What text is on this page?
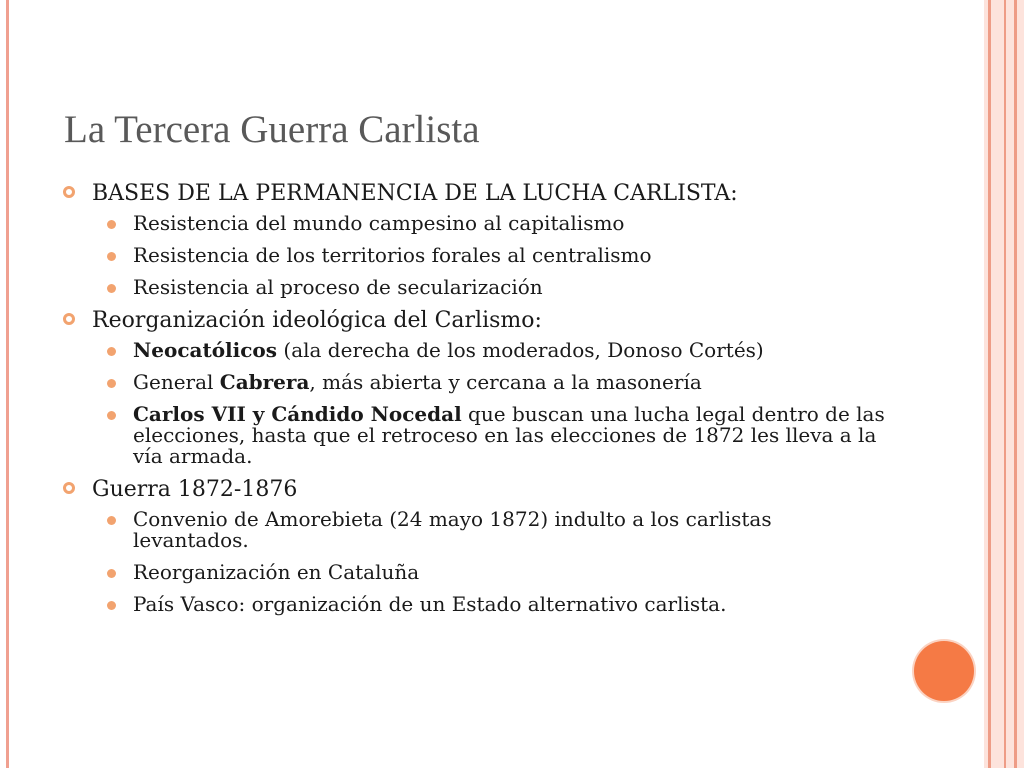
La Tercera Guerra Carlista
BASES DE LA PERMANENCIA DE LA LUCHA CARLISTA:
Resistencia del mundo campesino al capitalismo
Resistencia de los territorios forales al centralismo
Resistencia al proceso de secularización
Reorganización ideológica del Carlismo:
Neocatólicos (ala derecha de los moderados, Donoso Cortés)
General Cabrera, más abierta y cercana a la masonería
Carlos VII y Cándido Nocedal que buscan una lucha legal dentro de las elecciones, hasta que el retroceso en las elecciones de 1872 les lleva a la vía armada.
Guerra 1872-1876
Convenio de Amorebieta (24 mayo 1872) indulto a los carlistas levantados.
Reorganización en Cataluña
País Vasco: organización de un Estado alternativo carlista.
